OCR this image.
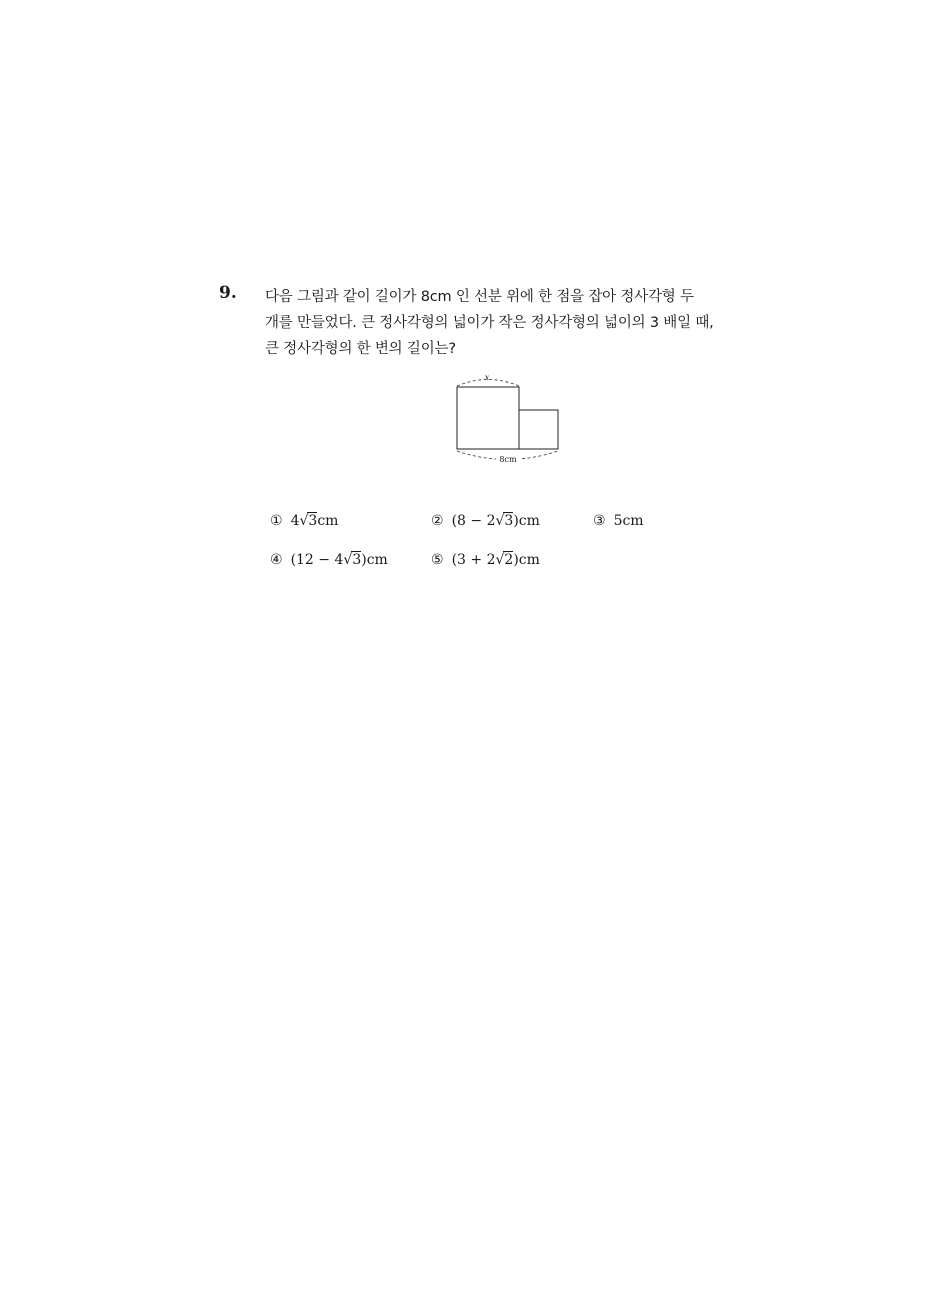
9. 다음 그림과 같이 길이가 8cm 인 선분 위에 한 점을 잡아 정사각형 두
개를 만들었다. 큰 정사각형의 넓이가 작은 정사각형의 넓이의 3 배일 때,
큰 정사각형의 한 변의 길이는?
x
8cm
① 4 √3 cm	② (8 − 2 √3 )cm	③ 5cm
④ (12 − 4 √3 )cm	⑤ (3 + 2 √2 )cm
